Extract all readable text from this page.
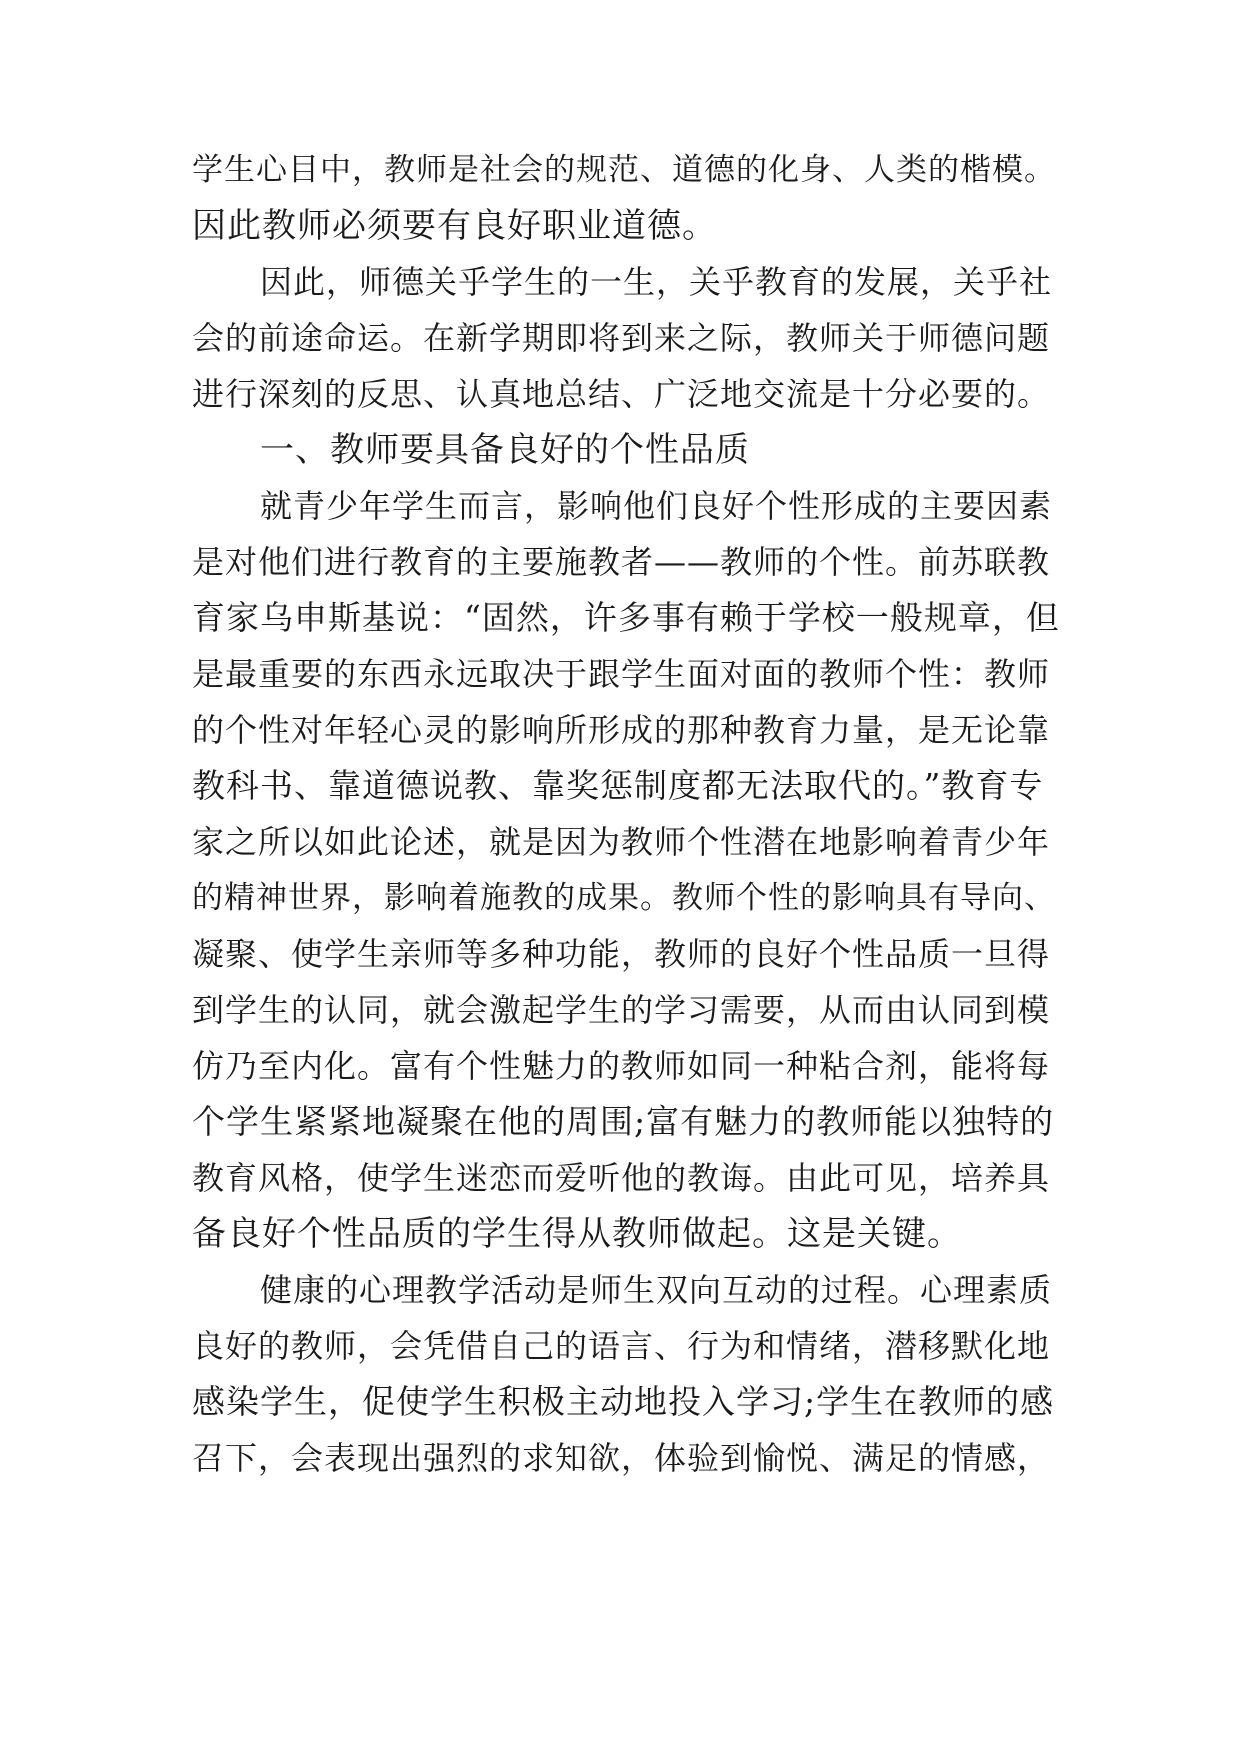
学生心目中，教师是社会的规范、道德的化身、人类的楷模。
因此教师必须要有良好职业道德。
因此，师德关乎学生的一生，关乎教育的发展，关乎社
会的前途命运。在新学期即将到来之际，教师关于师德问题
进行深刻的反思、认真地总结、广泛地交流是十分必要的。
一、教师要具备良好的个性品质
就青少年学生而言，影响他们良好个性形成的主要因素
是对他们进行教育的主要施教者——教师的个性。前苏联教
育家乌申斯基说：“固然，许多事有赖于学校一般规章，但
是最重要的东西永远取决于跟学生面对面的教师个性：教师
的个性对年轻心灵的影响所形成的那种教育力量，是无论靠
教科书、靠道德说教、靠奖惩制度都无法取代的。”教育专
家之所以如此论述，就是因为教师个性潜在地影响着青少年
的精神世界，影响着施教的成果。教师个性的影响具有导向、
凝聚、使学生亲师等多种功能，教师的良好个性品质一旦得
到学生的认同，就会激起学生的学习需要，从而由认同到模
仿乃至内化。富有个性魅力的教师如同一种粘合剂，能将每
个学生紧紧地凝聚在他的周围;富有魅力的教师能以独特的
教育风格，使学生迷恋而爱听他的教诲。由此可见，培养具
备良好个性品质的学生得从教师做起。这是关键。
健康的心理教学活动是师生双向互动的过程。心理素质
良好的教师，会凭借自己的语言、行为和情绪，潜移默化地
感染学生，促使学生积极主动地投入学习;学生在教师的感
召下，会表现出强烈的求知欲，体验到愉悦、满足的情感，
